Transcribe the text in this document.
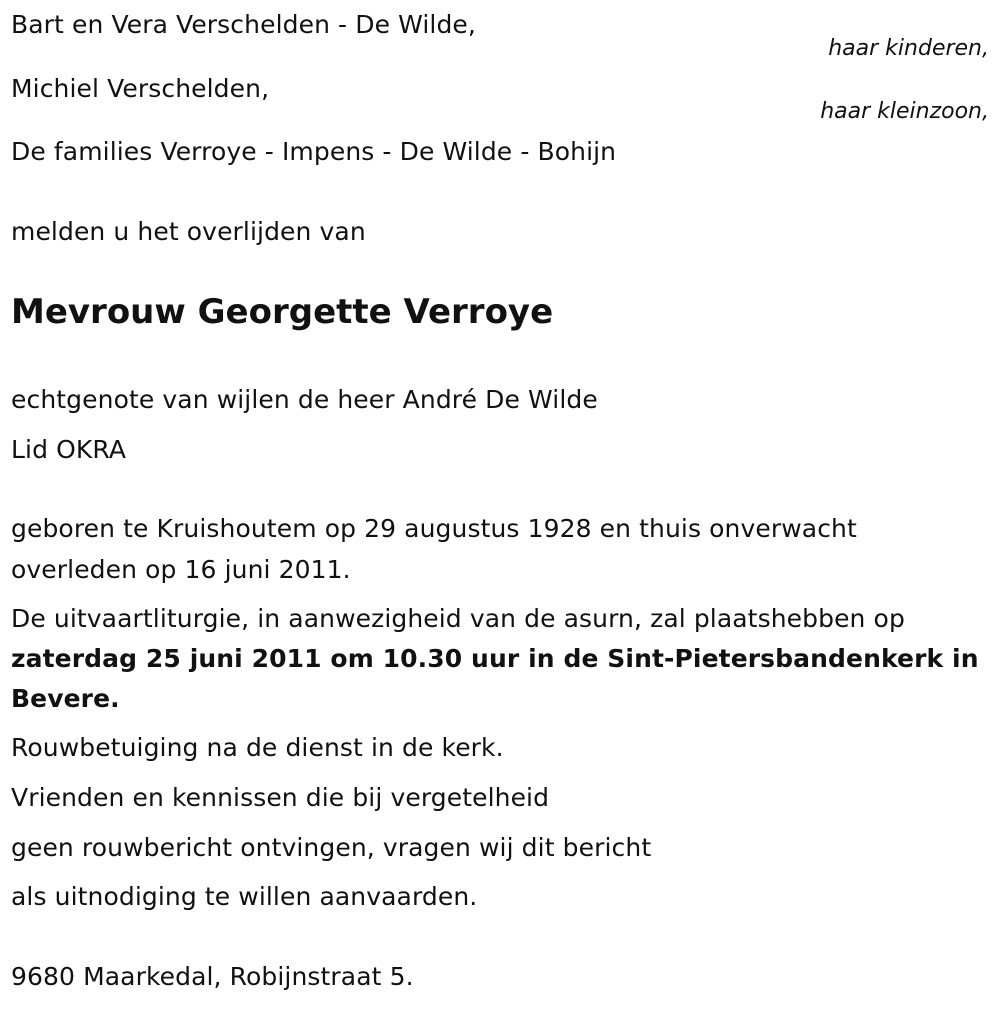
Bart en Vera Verschelden - De Wilde,
haar kinderen,
Michiel Verschelden,
haar kleinzoon,
De families Verroye - Impens - De Wilde - Bohijn
melden u het overlijden van
Mevrouw Georgette Verroye
echtgenote van wijlen de heer André De Wilde
Lid OKRA
geboren te Kruishoutem op 29 augustus 1928 en thuis onverwacht
overleden op 16 juni 2011.
De uitvaartliturgie, in aanwezigheid van de asurn, zal plaatshebben op
zaterdag 25 juni 2011 om 10.30 uur in de Sint-Pietersbandenkerk in
Bevere.
Rouwbetuiging na de dienst in de kerk.
Vrienden en kennissen die bij vergetelheid
geen rouwbericht ontvingen, vragen wij dit bericht
als uitnodiging te willen aanvaarden.
9680 Maarkedal, Robijnstraat 5.
